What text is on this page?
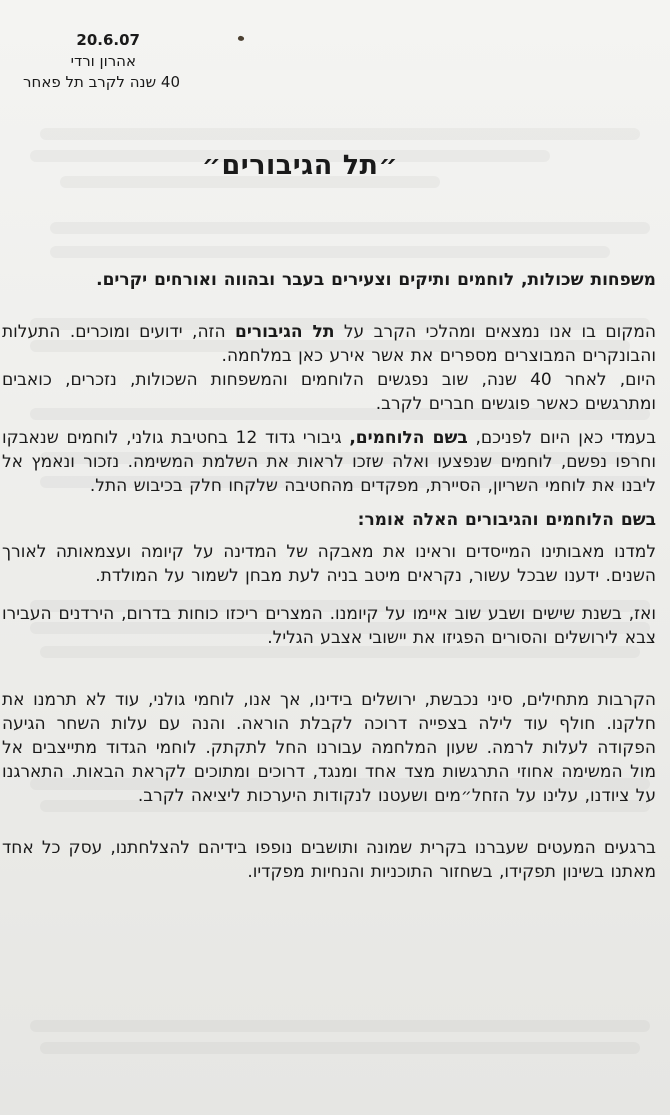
20.6.07
אהרון ורדי
40 שנה לקרב תל פאחר
״תל הגיבורים״

משפחות שכולות, לוחמים ותיקים וצעירים בעבר ובהווה ואורחים יקרים.

המקום בו אנו נמצאים ומהלכי הקרב על תל הגיבורים הזה, ידועים ומוכרים. התעלות והבונקרים המבוצרים מספרים את אשר אירע כאן במלחמה.

היום, לאחר 40 שנה, שוב נפגשים הלוחמים והמשפחות השכולות, נזכרים, כואבים ומתרגשים כאשר פוגשים חברים לקרב.

בעמדי כאן היום לפניכם, בשם הלוחמים, גיבורי גדוד 12 בחטיבת גולני, לוחמים שנאבקו וחרפו נפשם, לוחמים שנפצעו ואלה שזכו לראות את השלמת המשימה. נזכור ונאמץ אל ליבנו את לוחמי השריון, הסיירת, מפקדים מהחטיבה שלקחו חלק בכיבוש התל.

בשם הלוחמים והגיבורים האלה אומר:

למדנו מאבותינו המייסדים וראינו את מאבקה של המדינה על קיומה ועצמאותה לאורך השנים. ידענו שבכל עשור, נקראים מיטב בניה לעת מבחן לשמור על המולדת.

ואז, בשנת שישים ושבע שוב איימו על קיומנו. המצרים ריכזו כוחות בדרום, הירדנים העבירו צבא לירושלים והסורים הפגיזו את יישובי אצבע הגליל.

הקרבות מתחילים, סיני נכבשת, ירושלים בידינו, אך אנו, לוחמי גולני, עוד לא תרמנו את חלקנו. חולף עוד לילה בצפייה דרוכה לקבלת הוראה. והנה עם עלות השחר הגיעה הפקודה לעלות לרמה. שעון המלחמה עבורנו החל לתקתק. לוחמי הגדוד מתייצבים אל מול המשימה אחוזי התרגשות מצד אחד ומנגד, דרוכים ומתוכים לקראת הבאות. התארגנו על ציודנו, עלינו על הזחל״מים ושעטנו לנקודות היערכות ליציאה לקרב.

ברגעים המעטים שעברנו בקרית שמונה ותושבים נופפו בידיהם להצלחתנו, עסק כל אחד מאתנו בשינון תפקידו, בשחזור התוכניות והנחיות מפקדיו.
